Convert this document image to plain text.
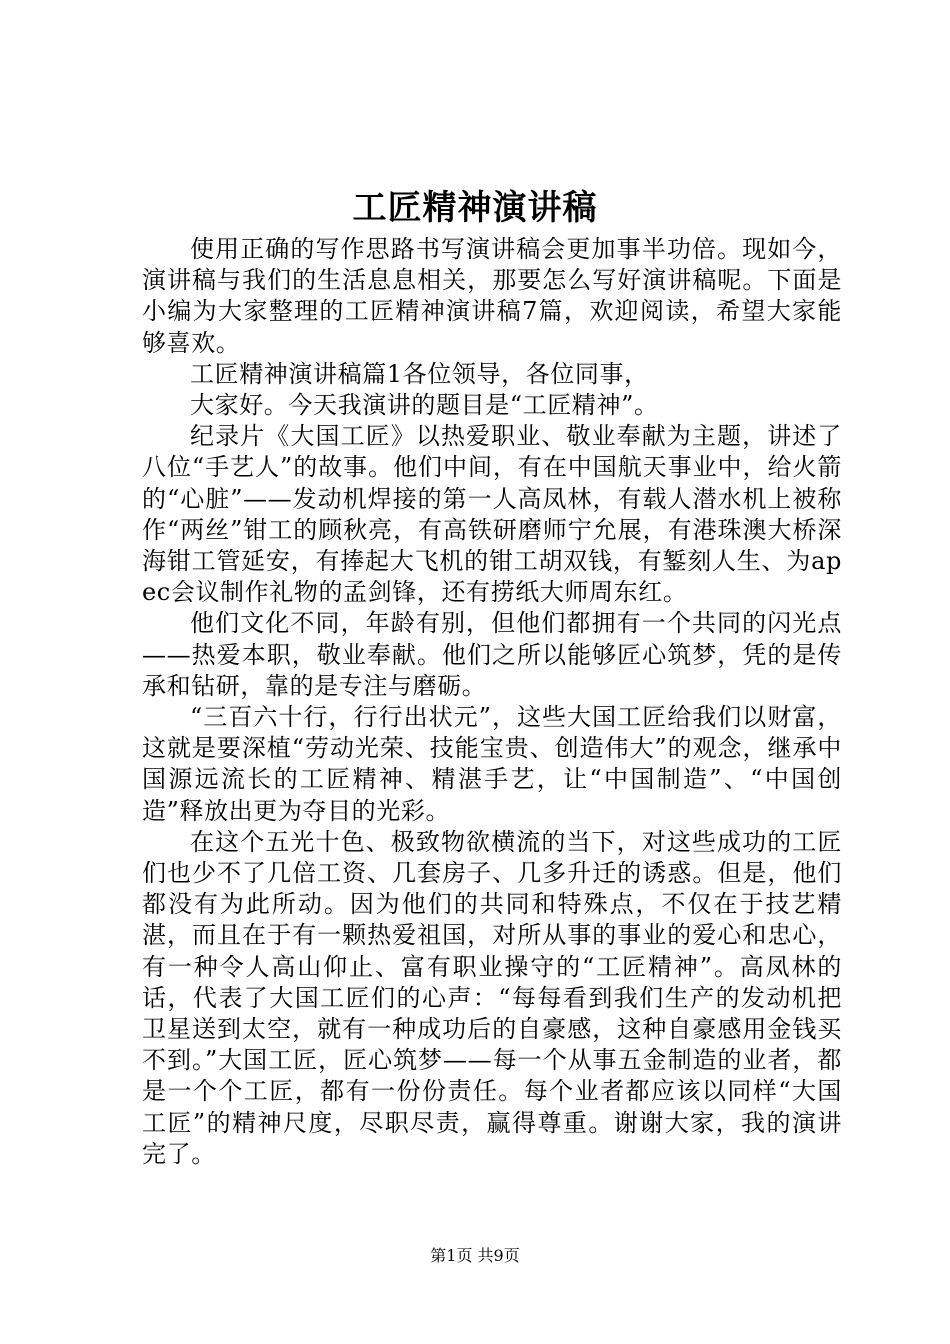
工匠精神演讲稿

使用正确的写作思路书写演讲稿会更加事半功倍。现如今，演讲稿与我们的生活息息相关，那要怎么写好演讲稿呢。下面是小编为大家整理的工匠精神演讲稿7篇，欢迎阅读，希望大家能够喜欢。

工匠精神演讲稿篇1各位领导，各位同事，

大家好。今天我演讲的题目是“工匠精神”。

纪录片《大国工匠》以热爱职业、敬业奉献为主题，讲述了八位“手艺人”的故事。他们中间，有在中国航天事业中，给火箭的“心脏”——发动机焊接的第一人高凤林，有载人潜水机上被称作“两丝”钳工的顾秋亮，有高铁研磨师宁允展，有港珠澳大桥深海钳工管延安，有捧起大飞机的钳工胡双钱，有錾刻人生、为apec会议制作礼物的孟剑锋，还有捞纸大师周东红。

他们文化不同，年龄有别，但他们都拥有一个共同的闪光点——热爱本职，敬业奉献。他们之所以能够匠心筑梦，凭的是传承和钻研，靠的是专注与磨砺。

“三百六十行，行行出状元”，这些大国工匠给我们以财富，这就是要深植“劳动光荣、技能宝贵、创造伟大”的观念，继承中国源远流长的工匠精神、精湛手艺，让“中国制造”、“中国创造”释放出更为夺目的光彩。

在这个五光十色、极致物欲横流的当下，对这些成功的工匠们也少不了几倍工资、几套房子、几多升迁的诱惑。但是，他们都没有为此所动。因为他们的共同和特殊点，不仅在于技艺精湛，而且在于有一颗热爱祖国，对所从事的事业的爱心和忠心，有一种令人高山仰止、富有职业操守的“工匠精神”。高凤林的话，代表了大国工匠们的心声：“每每看到我们生产的发动机把卫星送到太空，就有一种成功后的自豪感，这种自豪感用金钱买不到。”大国工匠，匠心筑梦——每一个从事五金制造的业者，都是一个个工匠，都有一份份责任。每个业者都应该以同样“大国工匠”的精神尺度，尽职尽责，赢得尊重。谢谢大家，我的演讲完了。

第1页 共9页
